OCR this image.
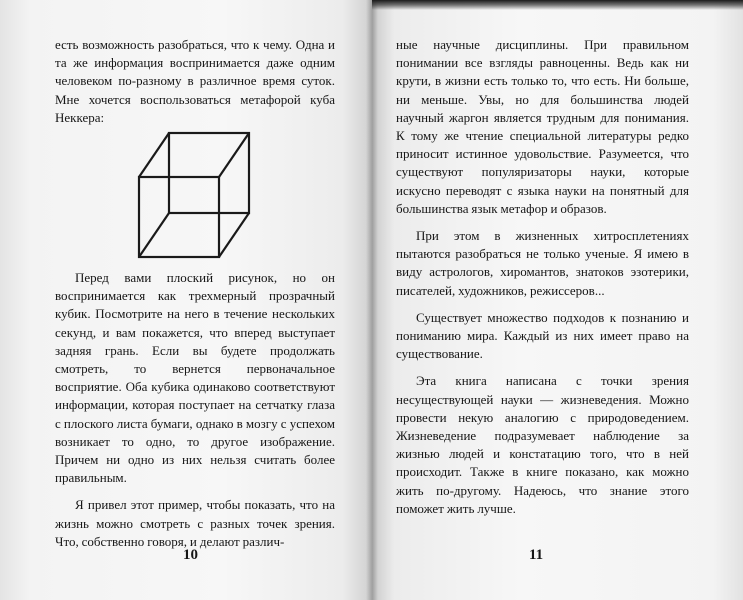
есть возможность разобраться, что к чему. Одна и та же информация воспринимается даже одним человеком по-разному в различное время суток. Мне хочется воспользоваться метафорой куба Неккера:

Перед вами плоский рисунок, но он воспринимается как трехмерный прозрачный кубик. Посмотрите на него в течение нескольких секунд, и вам покажется, что вперед выступает задняя грань. Если вы будете продолжать смотреть, то вернется первоначальное восприятие. Оба кубика одинаково соответствуют информации, которая поступает на сетчатку глаза с плоского листа бумаги, однако в мозгу с успехом возникает то одно, то другое изображение. Причем ни одно из них нельзя считать более правильным.

Я привел этот пример, чтобы показать, что на жизнь можно смотреть с разных точек зрения. Что, собственно говоря, и делают различ-

ные научные дисциплины. При правильном понимании все взгляды равноценны. Ведь как ни крути, в жизни есть только то, что есть. Ни больше, ни меньше. Увы, но для большинства людей научный жаргон является трудным для понимания. К тому же чтение специальной литературы редко приносит истинное удовольствие. Разумеется, что существуют популяризаторы науки, которые искусно переводят с языка науки на понятный для большинства язык метафор и образов.

При этом в жизненных хитросплетениях пытаются разобраться не только ученые. Я имею в виду астрологов, хиромантов, знатоков эзотерики, писателей, художников, режиссеров...

Существует множество подходов к познанию и пониманию мира. Каждый из них имеет право на существование.

Эта книга написана с точки зрения несуществующей науки — жизневедения. Можно провести некую аналогию с природоведением. Жизневедение подразумевает наблюдение за жизнью людей и констатацию того, что в ней происходит. Также в книге показано, как можно жить по-другому. Надеюсь, что знание этого поможет жить лучше.

10	11
